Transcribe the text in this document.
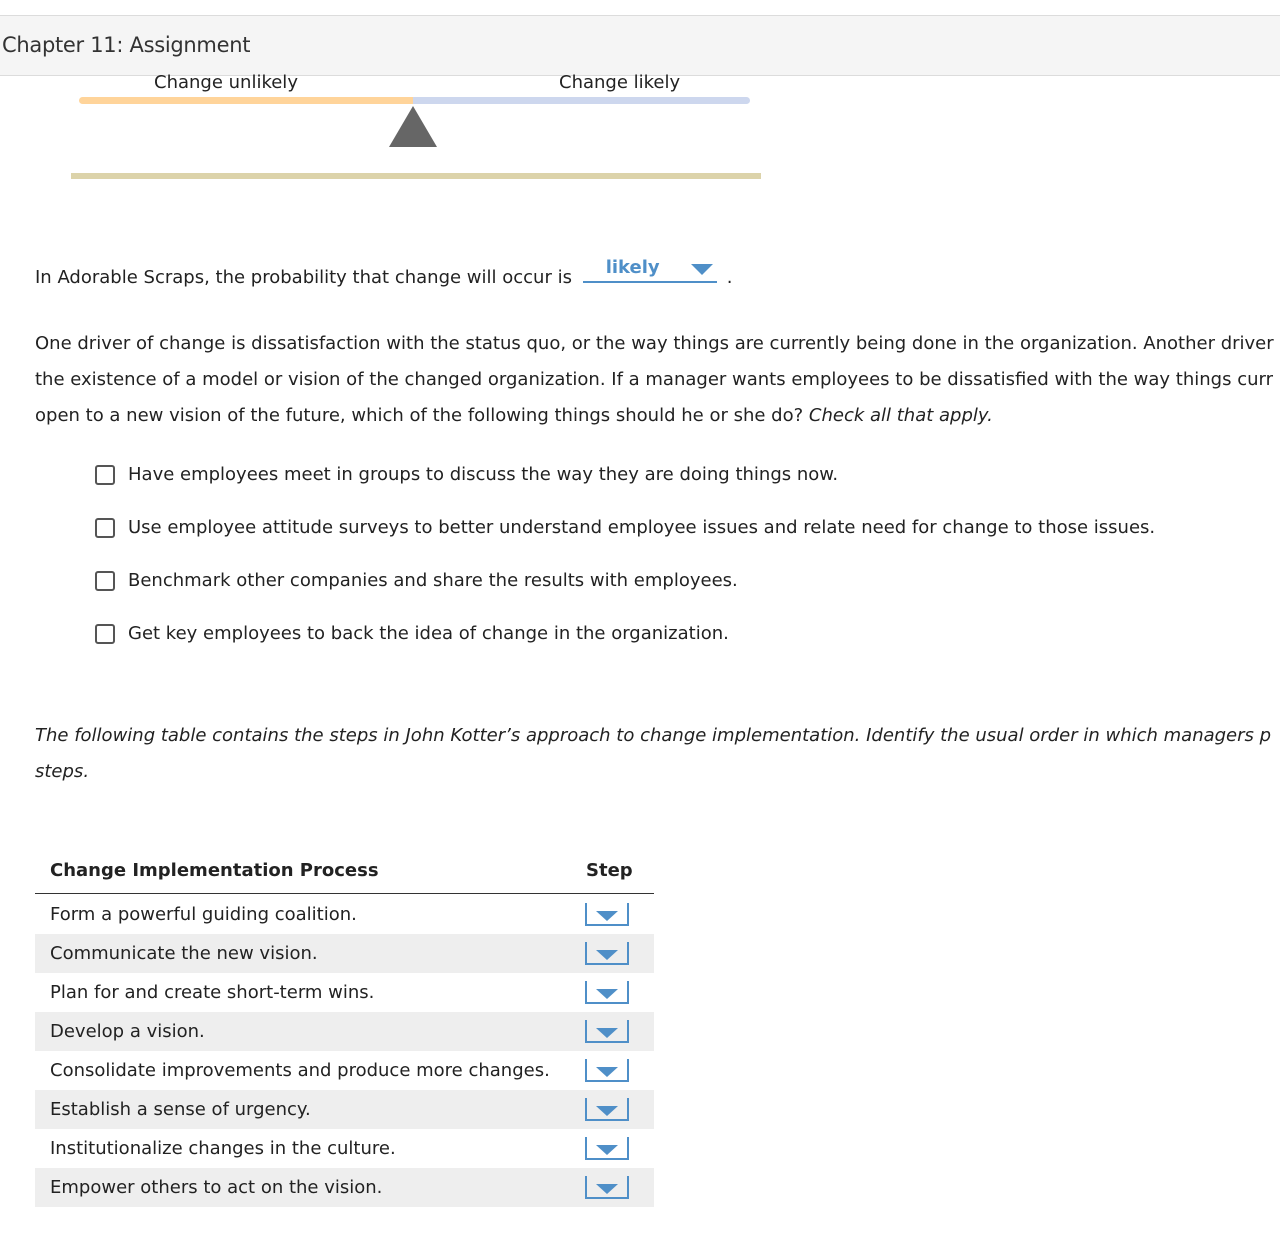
Chapter 11: Assignment
Change unlikely	Change likely
In Adorable Scraps, the probability that change will occur is likely	.
One driver of change is dissatisfaction with the status quo, or the way things are currently being done in the organization. Another driver
the existence of a model or vision of the changed organization. If a manager wants employees to be dissatisfied with the way things curr
open to a new vision of the future, which of the following things should he or she do? Check all that apply.
Have employees meet in groups to discuss the way they are doing things now.
Use employee attitude surveys to better understand employee issues and relate need for change to those issues.
Benchmark other companies and share the results with employees.
Get key employees to back the idea of change in the organization.
The following table contains the steps in John Kotter’s approach to change implementation. Identify the usual order in which managers p
steps.
Change Implementation Process	Step
Form a powerful guiding coalition.
Communicate the new vision.
Plan for and create short-term wins.
Develop a vision.
Consolidate improvements and produce more changes.
Establish a sense of urgency.
Institutionalize changes in the culture.
Empower others to act on the vision.
